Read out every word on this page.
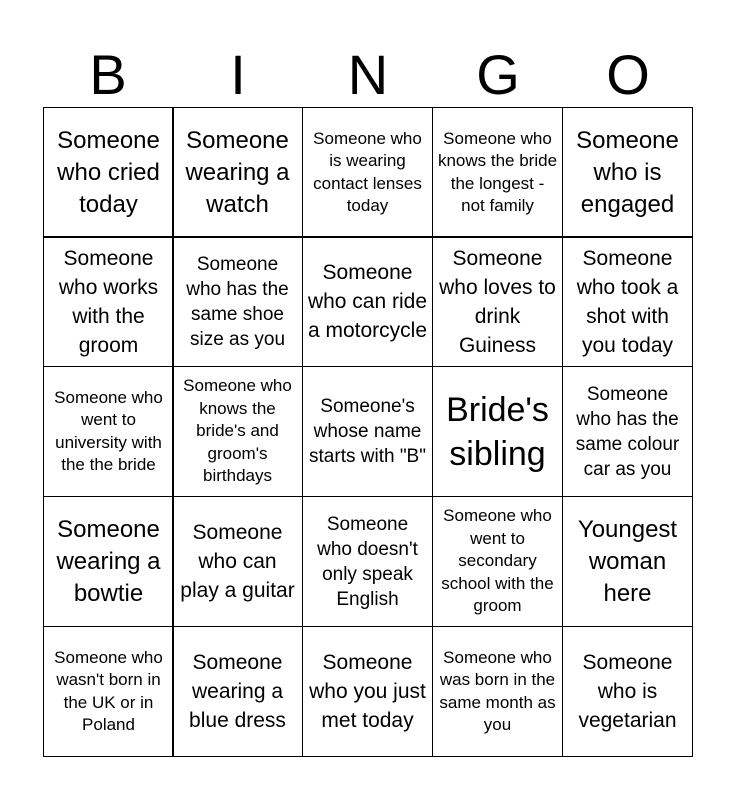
B	I	N	G	O
Someone who cried today
Someone wearing a watch
Someone who is wearing contact lenses today
Someone who knows the bride the longest - not family
Someone who is engaged
Someone who works with the groom
Someone who has the same shoe size as you
Someone who can ride a motorcycle
Someone who loves to drink Guiness
Someone who took a shot with you today
Someone who went to university with the the bride
Someone who knows the bride's and groom's birthdays
Someone's whose name starts with "B"
Bride's sibling
Someone who has the same colour car as you
Someone wearing a bowtie
Someone who can play a guitar
Someone who doesn't only speak English
Someone who went to secondary school with the groom
Youngest woman here
Someone who wasn't born in the UK or in Poland
Someone wearing a blue dress
Someone who you just met today
Someone who was born in the same month as you
Someone who is vegetarian
